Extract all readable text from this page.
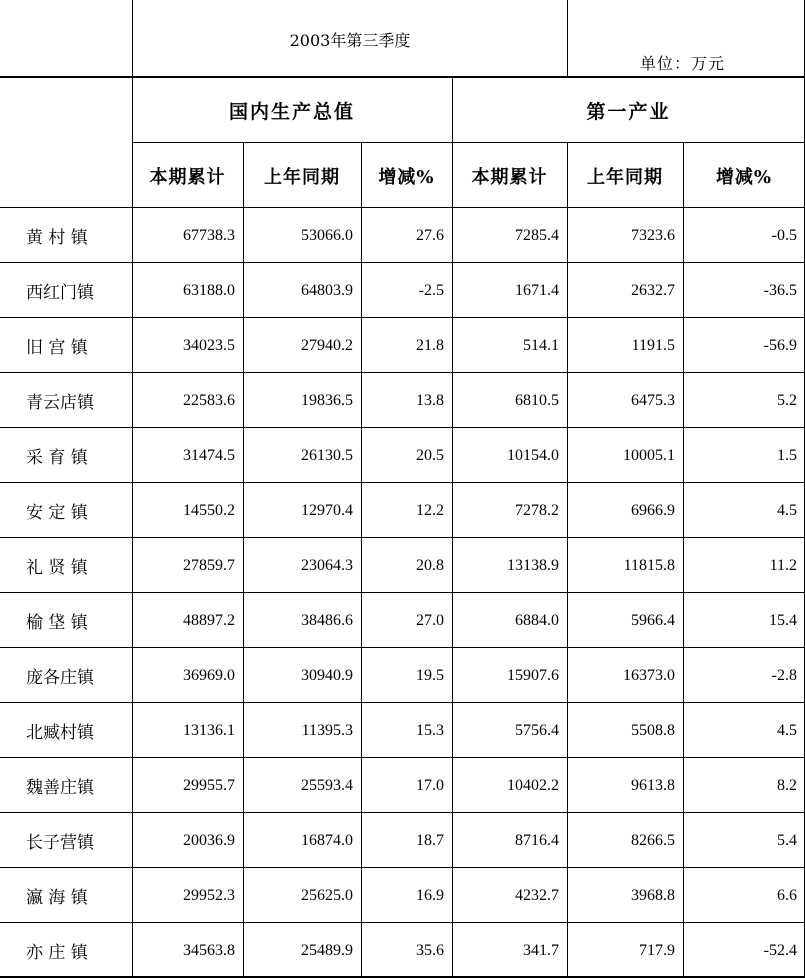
2003年第三季度
单位：万元
国内生产总值	第一产业
本期累计	上年同期	增减%	本期累计	上年同期	增减%
黄 村 镇	67738.3	53066.0	27.6	7285.4	7323.6	-0.5
西红门镇	63188.0	64803.9	-2.5	1671.4	2632.7	-36.5
旧 宫 镇	34023.5	27940.2	21.8	514.1	1191.5	-56.9
青云店镇	22583.6	19836.5	13.8	6810.5	6475.3	5.2
采 育 镇	31474.5	26130.5	20.5	10154.0	10005.1	1.5
安 定 镇	14550.2	12970.4	12.2	7278.2	6966.9	4.5
礼 贤 镇	27859.7	23064.3	20.8	13138.9	11815.8	11.2
榆 垡 镇	48897.2	38486.6	27.0	6884.0	5966.4	15.4
庞各庄镇	36969.0	30940.9	19.5	15907.6	16373.0	-2.8
北臧村镇	13136.1	11395.3	15.3	5756.4	5508.8	4.5
魏善庄镇	29955.7	25593.4	17.0	10402.2	9613.8	8.2
长子营镇	20036.9	16874.0	18.7	8716.4	8266.5	5.4
瀛 海 镇	29952.3	25625.0	16.9	4232.7	3968.8	6.6
亦 庄 镇	34563.8	25489.9	35.6	341.7	717.9	-52.4
